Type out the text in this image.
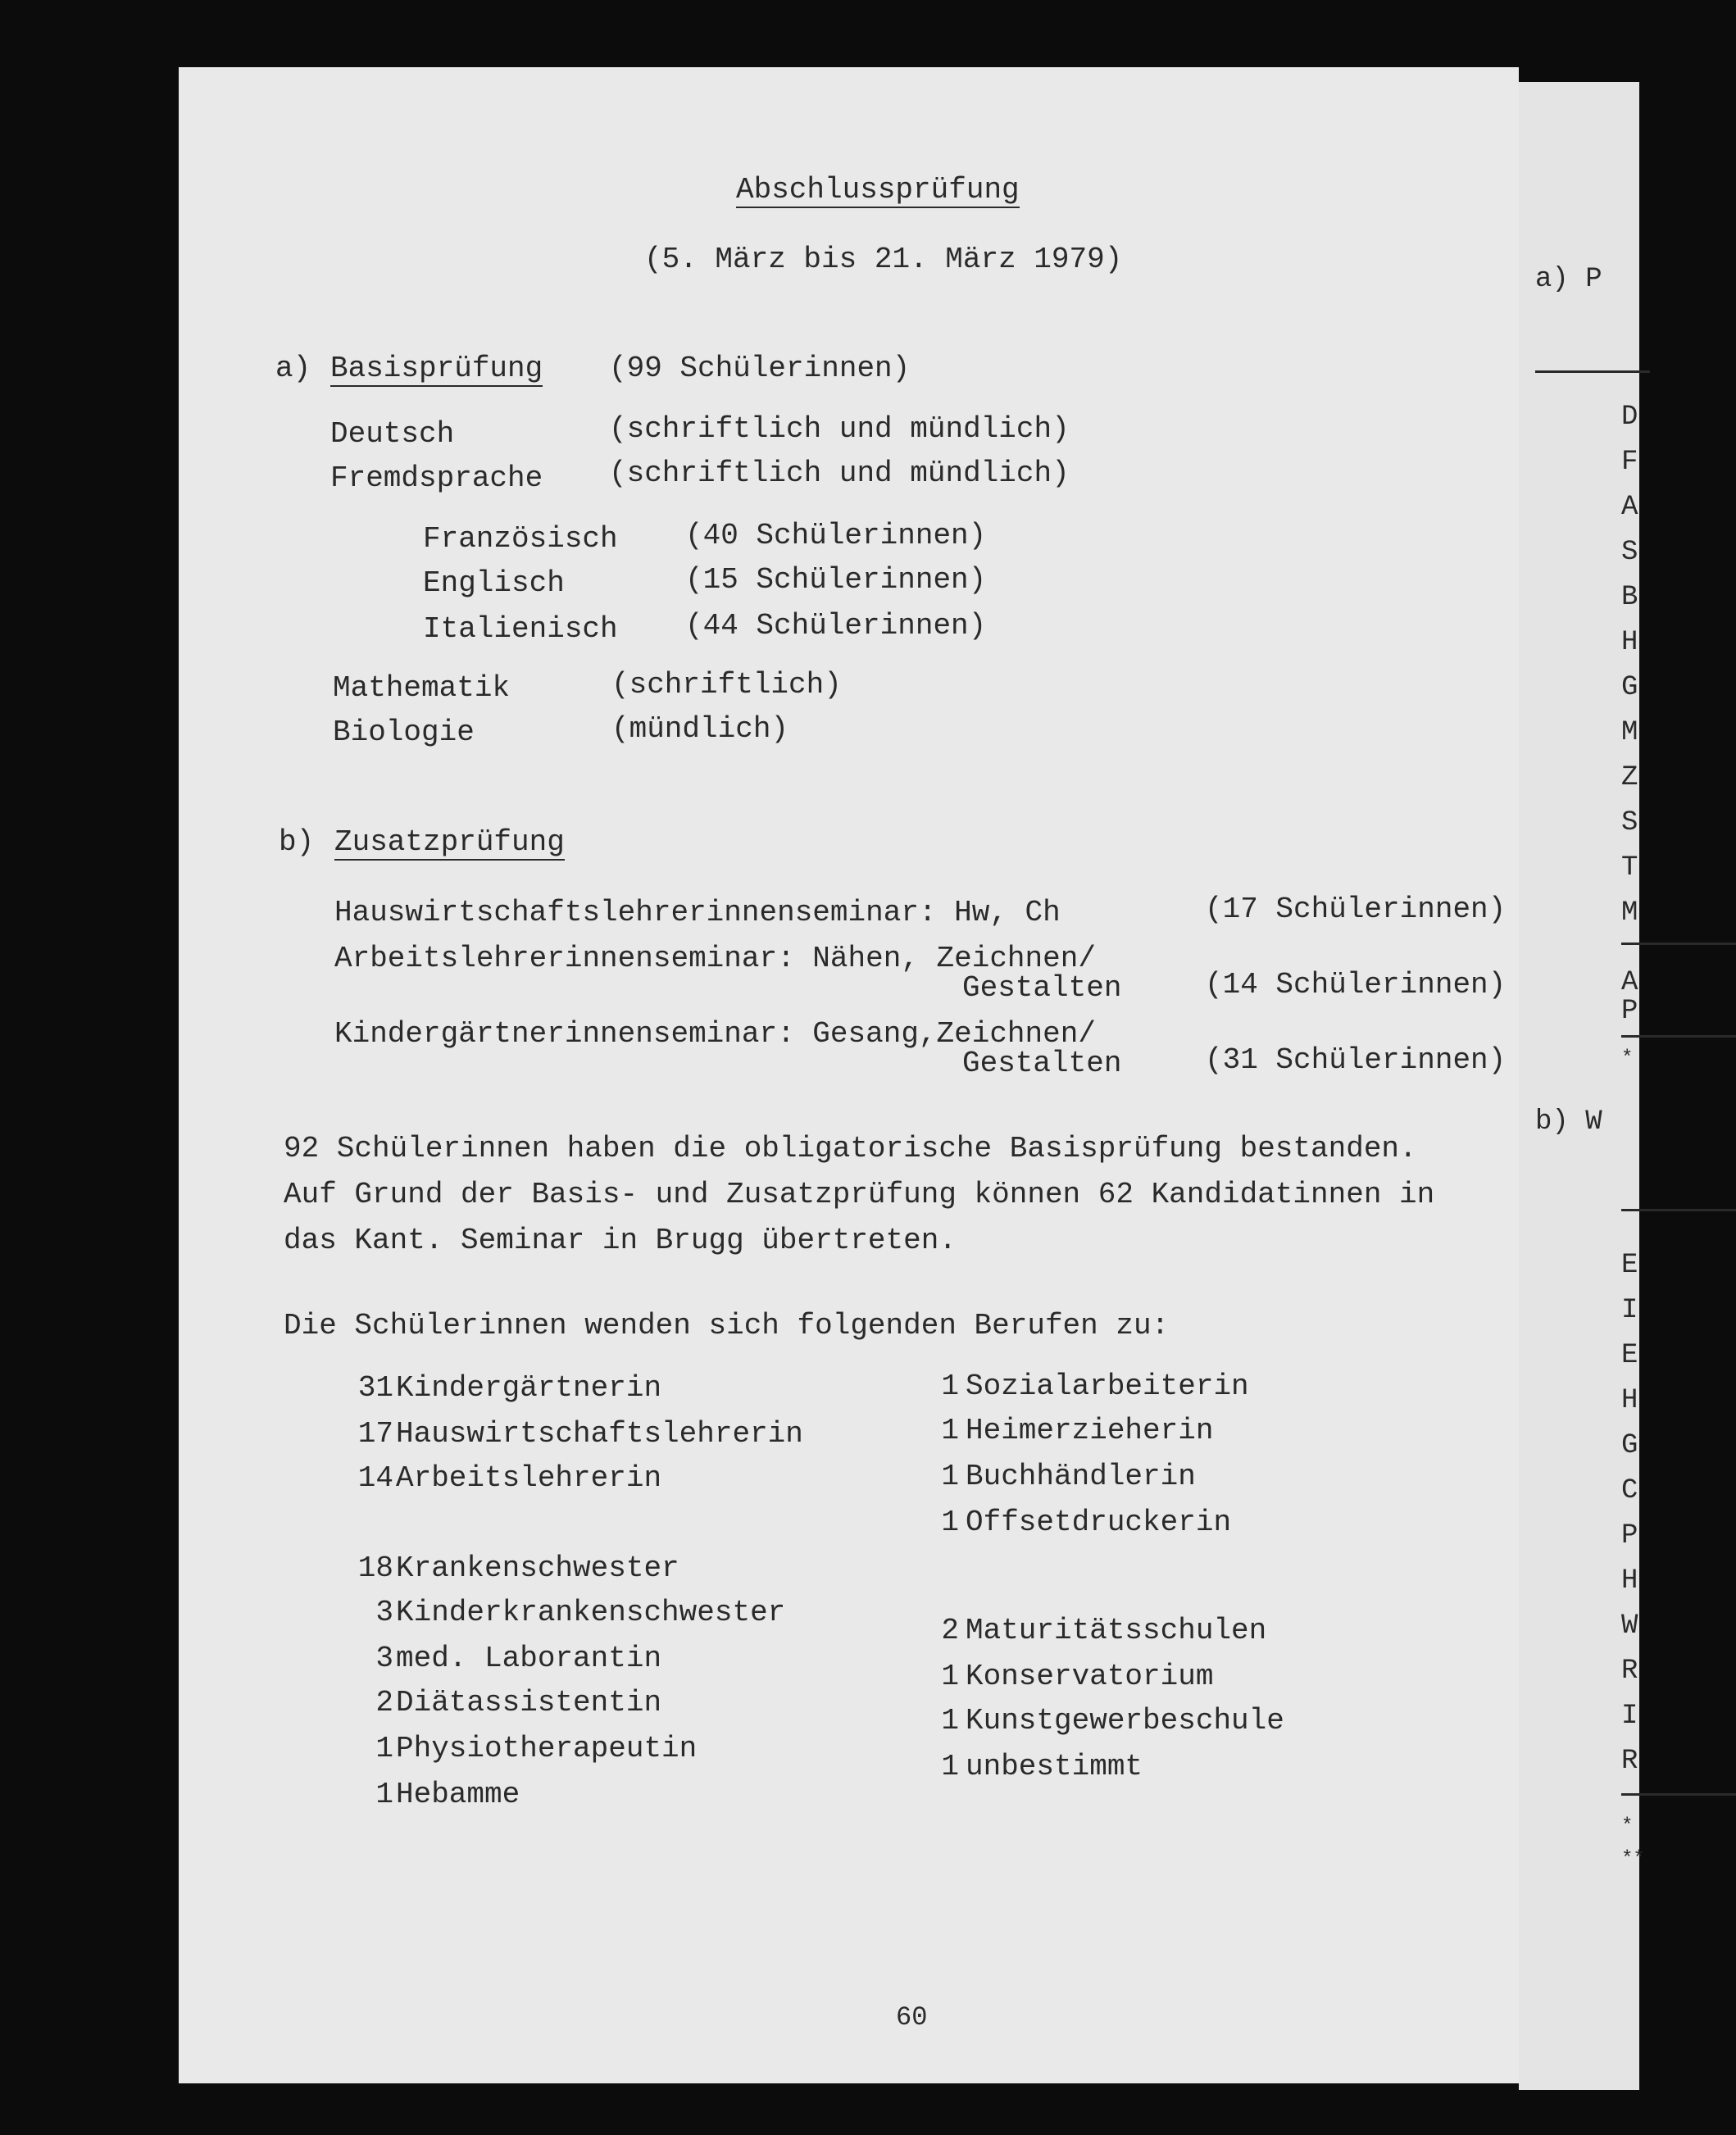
Abschlussprüfung
(5. März bis 21. März 1979)
a) Basisprüfung (99 Schülerinnen)
Deutsch	(schriftlich und mündlich)
Fremdsprache (schriftlich und mündlich)
Französisch (40 Schülerinnen)
Englisch	(15 Schülerinnen)
Italienisch (44 Schülerinnen)
Mathematik	(schriftlich)
Biologie	(mündlich)
b) Zusatzprüfung
Hauswirtschaftslehrerinnenseminar: Hw, Ch	(17 Schülerinnen)
Arbeitslehrerinnenseminar: Nähen, Zeichnen/
Gestalten	(14 Schülerinnen)
Kindergärtnerinnenseminar: Gesang,Zeichnen/
Gestalten	(31 Schülerinnen)
92 Schülerinnen haben die obligatorische Basisprüfung bestanden.
Auf Grund der Basis- und Zusatzprüfung können 62 Kandidatinnen in
das Kant. Seminar in Brugg übertreten.
Die Schülerinnen wenden sich folgenden Berufen zu:
31 Kindergärtnerin
17 Hauswirtschaftslehrerin
14 Arbeitslehrerin
18 Krankenschwester
3 Kinderkrankenschwester
3 med. Laborantin
2 Diätassistentin
1 Physiotherapeutin
1 Hebamme
1 Sozialarbeiterin
1 Heimerzieherin
1 Buchhändlerin
1 Offsetdruckerin
2 Maturitätsschulen
1 Konservatorium
1 Kunstgewerbeschule
1 unbestimmt
60
a) P
D
F
A
S
B
H
G
M
Z
S
T
M
A
P
*
b) W
E
I
E
H
G
C
P
H
W
R
I
R
*
**
